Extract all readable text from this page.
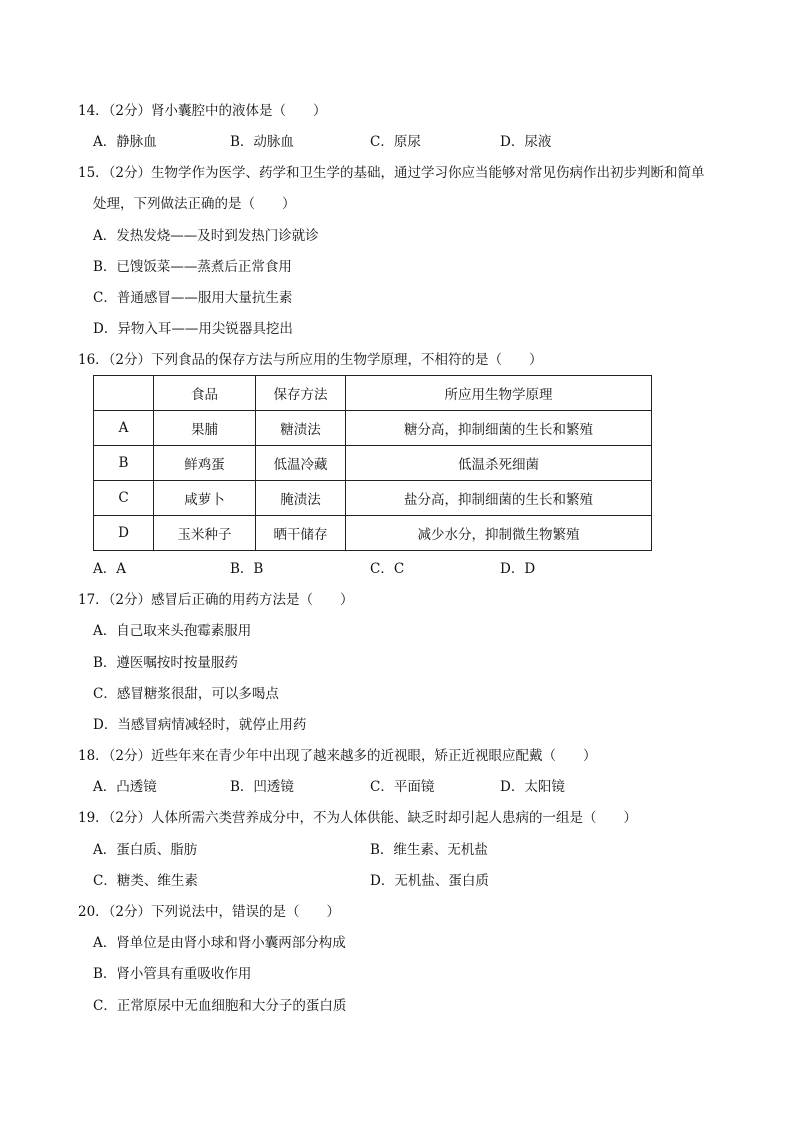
14．（2分）肾小囊腔中的液体是（　　）
A．静脉血	B．动脉血	C．原尿	D．尿液
15．（2分）生物学作为医学、药学和卫生学的基础，通过学习你应当能够对常见伤病作出初步判断和简单
处理，下列做法正确的是（　　）
A．发热发烧——及时到发热门诊就诊
B．已馊饭菜——蒸煮后正常食用
C．普通感冒——服用大量抗生素
D．异物入耳——用尖锐器具挖出
16．（2分）下列食品的保存方法与所应用的生物学原理，不相符的是（　　）
	食品	保存方法	所应用生物学原理
A	果脯	糖渍法	糖分高，抑制细菌的生长和繁殖
B	鲜鸡蛋	低温冷藏	低温杀死细菌
C	咸萝卜	腌渍法	盐分高，抑制细菌的生长和繁殖
D	玉米种子	晒干储存	减少水分，抑制微生物繁殖
A．A	B．B	C．C	D．D
17．（2分）感冒后正确的用药方法是（　　）
A．自己取来头孢霉素服用
B．遵医嘱按时按量服药
C．感冒糖浆很甜，可以多喝点
D．当感冒病情减轻时，就停止用药
18．（2分）近些年来在青少年中出现了越来越多的近视眼，矫正近视眼应配戴（　　）
A．凸透镜	B．凹透镜	C．平面镜	D．太阳镜
19．（2分）人体所需六类营养成分中，不为人体供能、缺乏时却引起人患病的一组是（　　）
A．蛋白质、脂肪	B．维生素、无机盐
C．糖类、维生素	D．无机盐、蛋白质
20．（2分）下列说法中，错误的是（　　）
A．肾单位是由肾小球和肾小囊两部分构成
B．肾小管具有重吸收作用
C．正常原尿中无血细胞和大分子的蛋白质
